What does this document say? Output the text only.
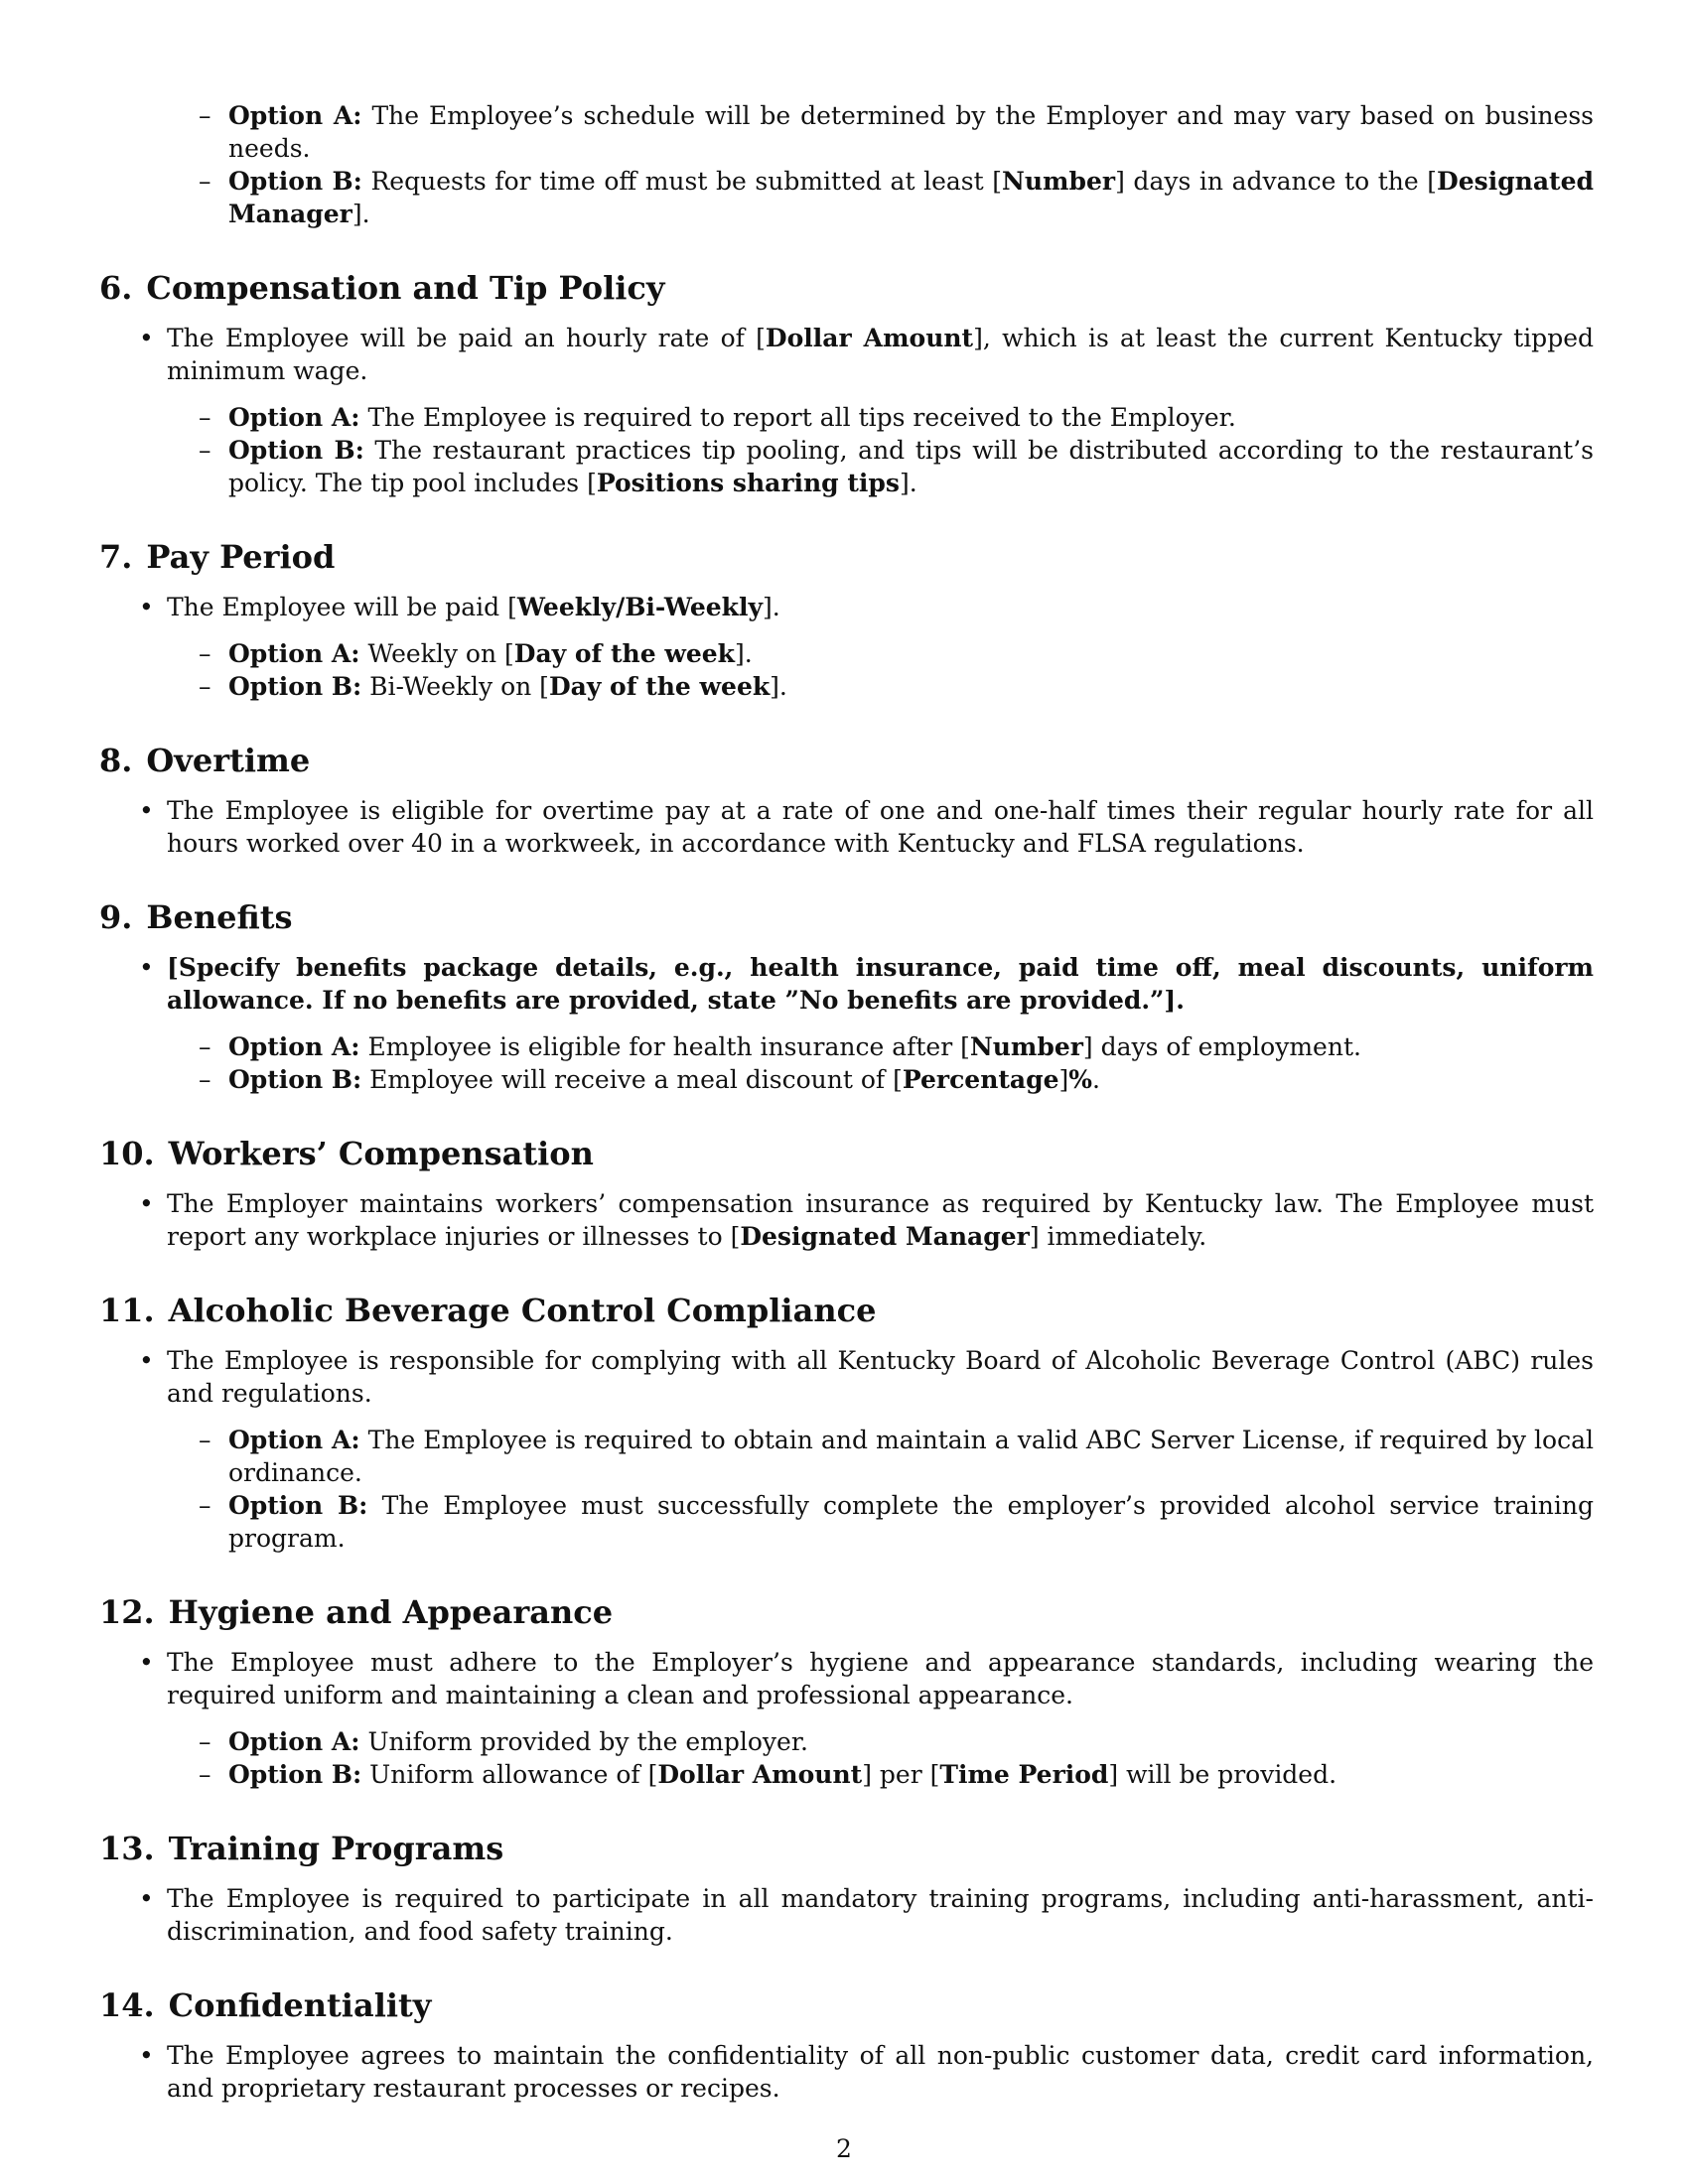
– Option A: The Employee’s schedule will be determined by the Employer and may vary based on business needs.
– Option B: Requests for time off must be submitted at least [Number] days in advance to the [Designated Manager].
6. Compensation and Tip Policy
• The Employee will be paid an hourly rate of [Dollar Amount], which is at least the current Kentucky tipped minimum wage.
– Option A: The Employee is required to report all tips received to the Employer.
– Option B: The restaurant practices tip pooling, and tips will be distributed according to the restaurant’s policy. The tip pool includes [Positions sharing tips].
7. Pay Period
• The Employee will be paid [Weekly/Bi-Weekly].
– Option A: Weekly on [Day of the week].
– Option B: Bi-Weekly on [Day of the week].
8. Overtime
• The Employee is eligible for overtime pay at a rate of one and one-half times their regular hourly rate for all hours worked over 40 in a workweek, in accordance with Kentucky and FLSA regulations.
9. Benefits
• [Specify benefits package details, e.g., health insurance, paid time off, meal discounts, uniform allowance. If no benefits are provided, state ”No benefits are provided.”].
– Option A: Employee is eligible for health insurance after [Number] days of employment.
– Option B: Employee will receive a meal discount of [Percentage]%.
10. Workers’ Compensation
• The Employer maintains workers’ compensation insurance as required by Kentucky law. The Employee must report any workplace injuries or illnesses to [Designated Manager] immediately.
11. Alcoholic Beverage Control Compliance
• The Employee is responsible for complying with all Kentucky Board of Alcoholic Beverage Control (ABC) rules and regulations.
– Option A: The Employee is required to obtain and maintain a valid ABC Server License, if required by local ordinance.
– Option B: The Employee must successfully complete the employer’s provided alcohol service training program.
12. Hygiene and Appearance
• The Employee must adhere to the Employer’s hygiene and appearance standards, including wearing the required uniform and maintaining a clean and professional appearance.
– Option A: Uniform provided by the employer.
– Option B: Uniform allowance of [Dollar Amount] per [Time Period] will be provided.
13. Training Programs
• The Employee is required to participate in all mandatory training programs, including anti-harassment, anti-discrimination, and food safety training.
14. Confidentiality
• The Employee agrees to maintain the confidentiality of all non-public customer data, credit card information, and proprietary restaurant processes or recipes.
2
